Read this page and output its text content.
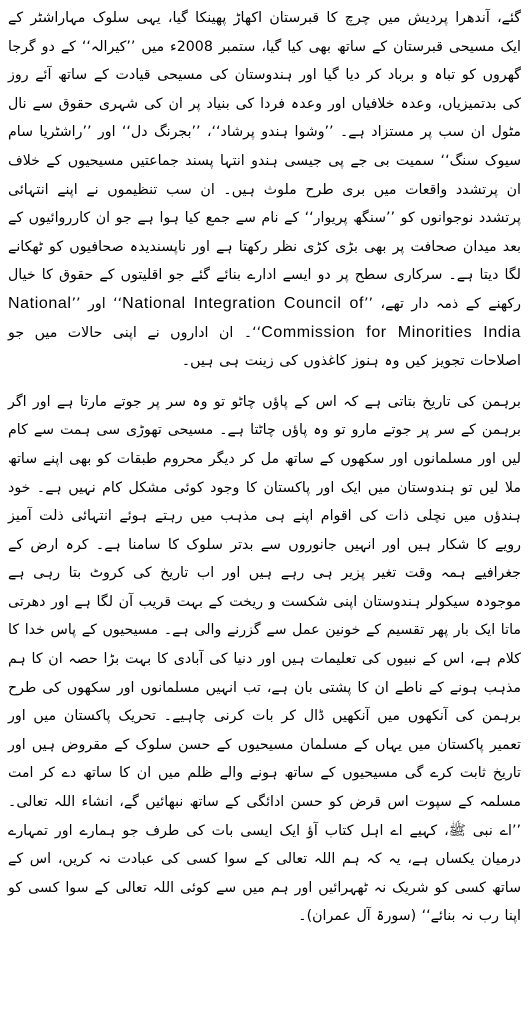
گئے، آندھرا پردیش میں چرچ کا قبرستان اکھاڑ پھینکا گیا، یہی سلوک مہاراشٹر کے ایک مسیحی قبرستان کے ساتھ بھی کیا گیا، ستمبر 2008ء میں ’’کیرالہ‘‘ کے دو گرجا گھروں کو تباہ و برباد کر دیا گیا اور ہندوستان کی مسیحی قیادت کے ساتھ آئے روز کی بدتمیزیاں، وعدہ خلافیاں اور وعدہ فردا کی بنیاد پر ان کی شہری حقوق سے نال مٹول ان سب پر مستزاد ہے۔ ’’وشوا ہندو پرشاد‘‘، ’’بجرنگ دل‘‘ اور ’’راشٹریا سام سیوک سنگ‘‘ سمیت بی جے پی جیسی ہندو انتہا پسند جماعتیں مسیحیوں کے خلاف ان پرتشدد واقعات میں بری طرح ملوث ہیں۔ ان سب تنظیموں نے اپنے انتہائی پرتشدد نوجوانوں کو ’’سنگھ پریوار‘‘ کے نام سے جمع کیا ہوا ہے جو ان کارروائیوں کے بعد میدان صحافت پر بھی بڑی کڑی نظر رکھتا ہے اور ناپسندیدہ صحافیوں کو ٹھکانے لگا دیتا ہے۔ سرکاری سطح پر دو ایسے ادارے بنائے گئے جو اقلیتوں کے حقوق کا خیال رکھنے کے ذمہ دار تھے، ’’National Integration Council of‘‘ اور ’’National Commission for Minorities India‘‘۔ ان اداروں نے اپنی حالات میں جو اصلاحات تجویز کیں وہ ہنوز کاغذوں کی زینت ہی ہیں۔

برہمن کی تاریخ بتاتی ہے کہ اس کے پاؤں چاٹو تو وہ سر پر جوتے مارتا ہے اور اگر برہمن کے سر پر جوتے مارو تو وہ پاؤں چاٹتا ہے۔ مسیحی تھوڑی سی ہمت سے کام لیں اور مسلمانوں اور سکھوں کے ساتھ مل کر دیگر محروم طبقات کو بھی اپنے ساتھ ملا لیں تو ہندوستان میں ایک اور پاکستان کا وجود کوئی مشکل کام نہیں ہے۔ خود ہندؤں میں نچلی ذات کی اقوام اپنے ہی مذہب میں رہتے ہوئے انتہائی ذلت آمیز رویے کا شکار ہیں اور انہیں جانوروں سے بدتر سلوک کا سامنا ہے۔ کرہ ارض کے جغرافیے ہمہ وقت تغیر پزیر ہی رہے ہیں اور اب تاریخ کی کروٹ بتا رہی ہے موجودہ سیکولر ہندوستان اپنی شکست و ریخت کے بہت قریب آن لگا ہے اور دھرتی ماتا ایک بار پھر تقسیم کے خونین عمل سے گزرنے والی ہے۔ مسیحیوں کے پاس خدا کا کلام ہے، اس کے نبیوں کی تعلیمات ہیں اور دنیا کی آبادی کا بہت بڑا حصہ ان کا ہم مذہب ہونے کے ناطے ان کا پشتی بان ہے، تب انہیں مسلمانوں اور سکھوں کی طرح برہمن کی آنکھوں میں آنکھیں ڈال کر بات کرنی چاہیے۔ تحریک پاکستان میں اور تعمیر پاکستان میں یہاں کے مسلمان مسیحیوں کے حسن سلوک کے مقروض ہیں اور تاریخ ثابت کرے گی مسیحیوں کے ساتھ ہونے والے ظلم میں ان کا ساتھ دے کر امت مسلمہ کے سپوت اس قرض کو حسن ادائگی کے ساتھ نبھائیں گے، انشاء اللہ تعالی۔ ’’اے نبی ﷺ، کہیے اے اہل کتاب آؤ ایک ایسی بات کی طرف جو ہمارے اور تمہارے درمیان یکساں ہے، یہ کہ ہم اللہ تعالی کے سوا کسی کی عبادت نہ کریں، اس کے ساتھ کسی کو شریک نہ ٹھہرائیں اور ہم میں سے کوئی اللہ تعالی کے سوا کسی کو اپنا رب نہ بنائے‘‘ (سورۃ آل عمران)۔
